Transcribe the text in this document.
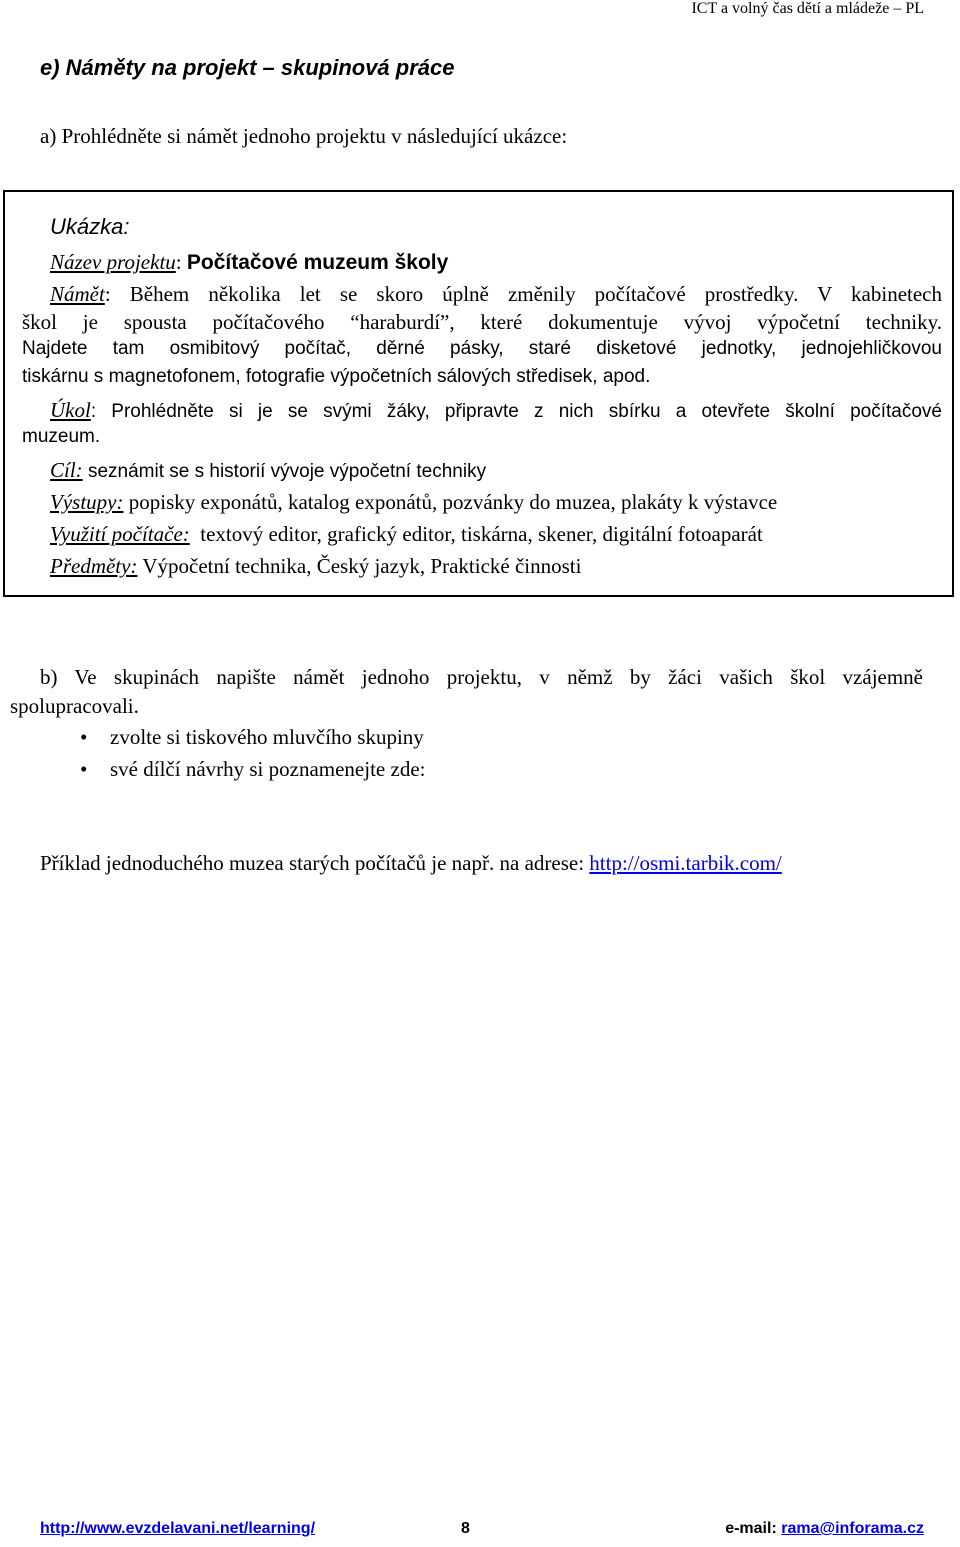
ICT a volný čas dětí a mládeže – PL
e) Náměty na projekt – skupinová práce
a) Prohlédněte si námět jednoho projektu v následující ukázce:
Ukázka:
Název projektu: Počítačové muzeum školy
Námět: Během několika let se skoro úplně změnily počítačové prostředky. V kabinetech
škol je spousta počítačového “haraburdí”, které dokumentuje vývoj výpočetní techniky.
Najdete tam osmibitový počítač, děrné pásky, staré disketové jednotky, jednojehličkovou
tiskárnu s magnetofonem, fotografie výpočetních sálových středisek, apod.
Úkol: Prohlédněte si je se svými žáky, připravte z nich sbírku a otevřete školní počítačové
muzeum.
Cíl: seznámit se s historií vývoje výpočetní techniky
Výstupy: popisky exponátů, katalog exponátů, pozvánky do muzea, plakáty k výstavce
Využití počítače: textový editor, grafický editor, tiskárna, skener, digitální fotoaparát
Předměty: Výpočetní technika, Český jazyk, Praktické činnosti
b) Ve skupinách napište námět jednoho projektu, v němž by žáci vašich škol vzájemně
spolupracovali.
• zvolte si tiskového mluvčího skupiny
• své dílčí návrhy si poznamenejte zde:
Příklad jednoduchého muzea starých počítačů je např. na adrese: http://osmi.tarbik.com/
http://www.evzdelavani.net/learning/	8	e-mail: rama@inforama.cz
